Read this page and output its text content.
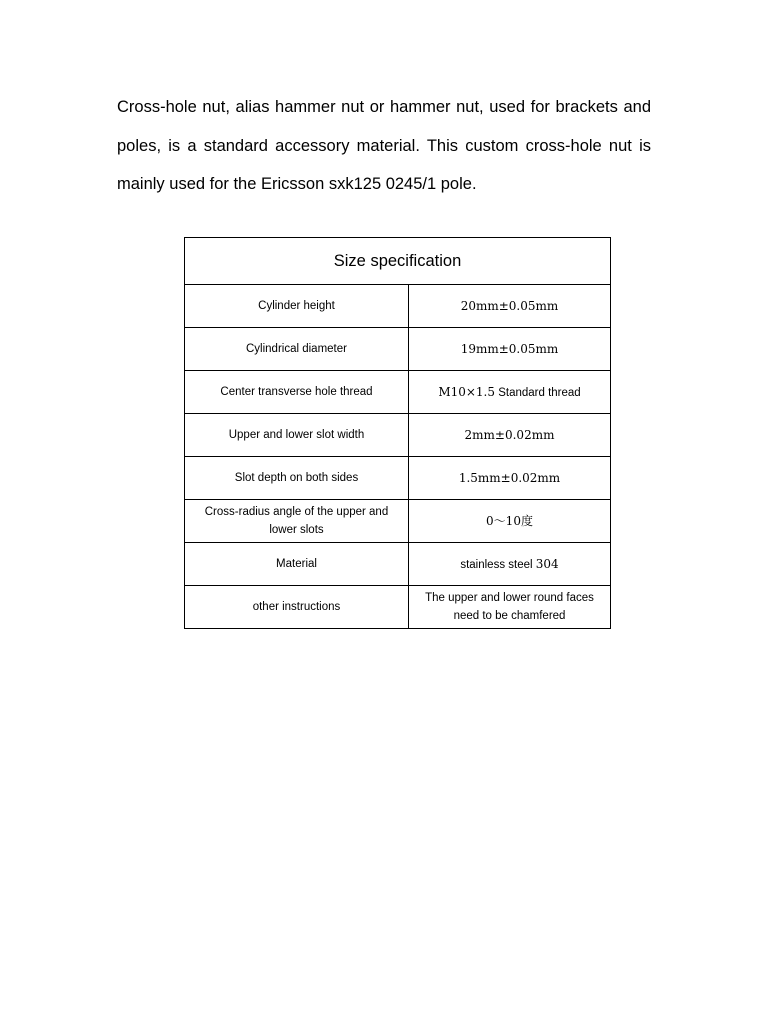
Cross-hole nut, alias hammer nut or hammer nut, used for brackets and poles, is a standard accessory material. This custom cross-hole nut is mainly used for the Ericsson sxk125 0245/1 pole.

Size specification	
Cylinder height	20mm±0.05mm
Cylindrical diameter	19mm±0.05mm
Center transverse hole thread	M10×1.5 Standard thread
Upper and lower slot width	2mm±0.02mm
Slot depth on both sides	1.5mm±0.02mm
Cross-radius angle of the upper and lower slots	0～10度
Material	stainless steel 304
other instructions	The upper and lower round faces need to be chamfered
